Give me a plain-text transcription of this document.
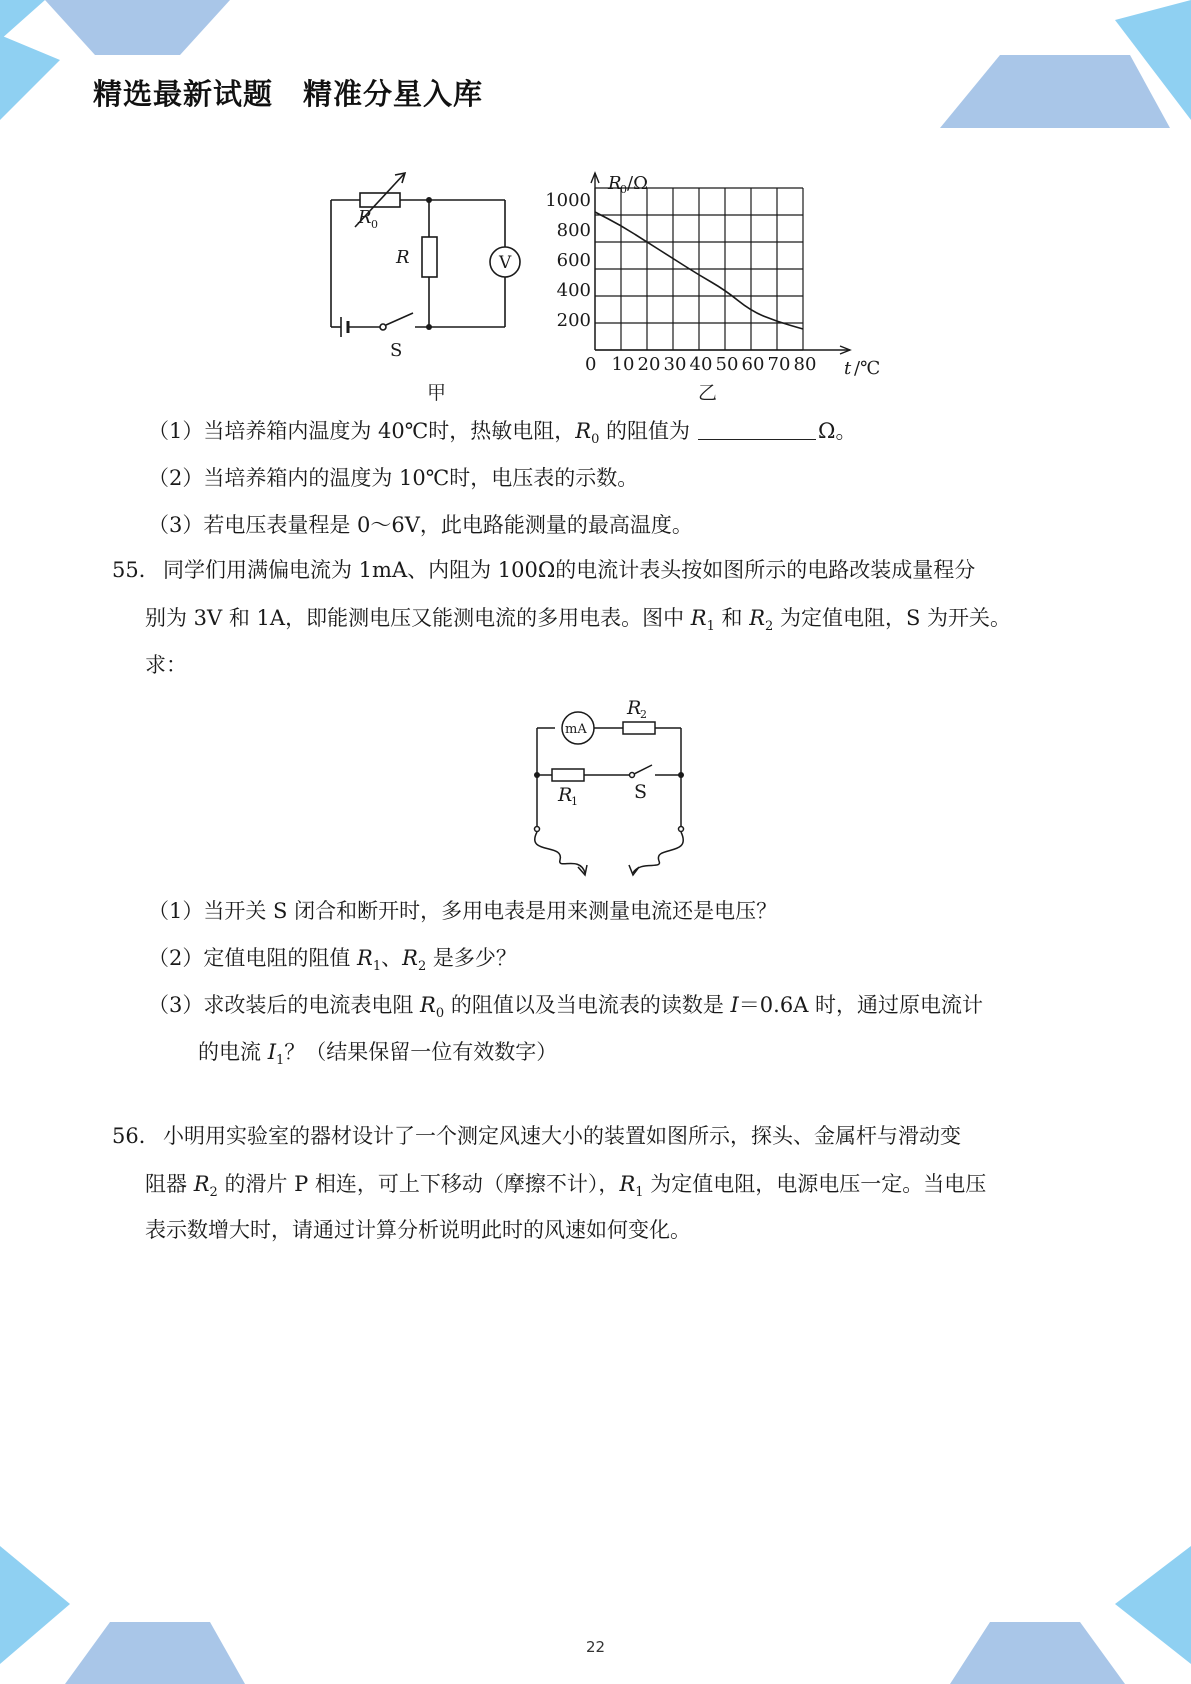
精选最新试题　精准分星入库
R 0
R	V
S
甲
200
400
600
800
1000
0 10 20 30 40 50 60 70 80
R
0 /Ω
t /℃
乙
（1）当培养箱内温度为 40℃时，热敏电阻，$R_0$ 的阻值为	Ω。
（2）当培养箱内的温度为 10℃时，电压表的示数。
（3）若电压表量程是 0～6V，此电路能测量的最高温度。
55． 同学们用满偏电流为 1mA、内阻为 100Ω的电流计表头按如图所示的电路改装成量程分
别为 3V 和 1A，即能测电压又能测电流的多用电表。图中 $R_1$ 和 $R_2$ 为定值电阻，S 为开关。
求：
mA
R
2
R
1	S
（1）当开关 S 闭合和断开时，多用电表是用来测量电流还是电压？
（2）定值电阻的阻值 $R_1$、$R_2$ 是多少？
（3）求改装后的电流表电阻 $R_0$ 的阻值以及当电流表的读数是 I＝0.6A 时，通过原电流计
的电流 $I_1$？（结果保留一位有效数字）
56． 小明用实验室的器材设计了一个测定风速大小的装置如图所示，探头、金属杆与滑动变
阻器 $R_2$ 的滑片 P 相连，可上下移动（摩擦不计），$R_1$ 为定值电阻，电源电压一定。当电压
表示数增大时，请通过计算分析说明此时的风速如何变化。
22
